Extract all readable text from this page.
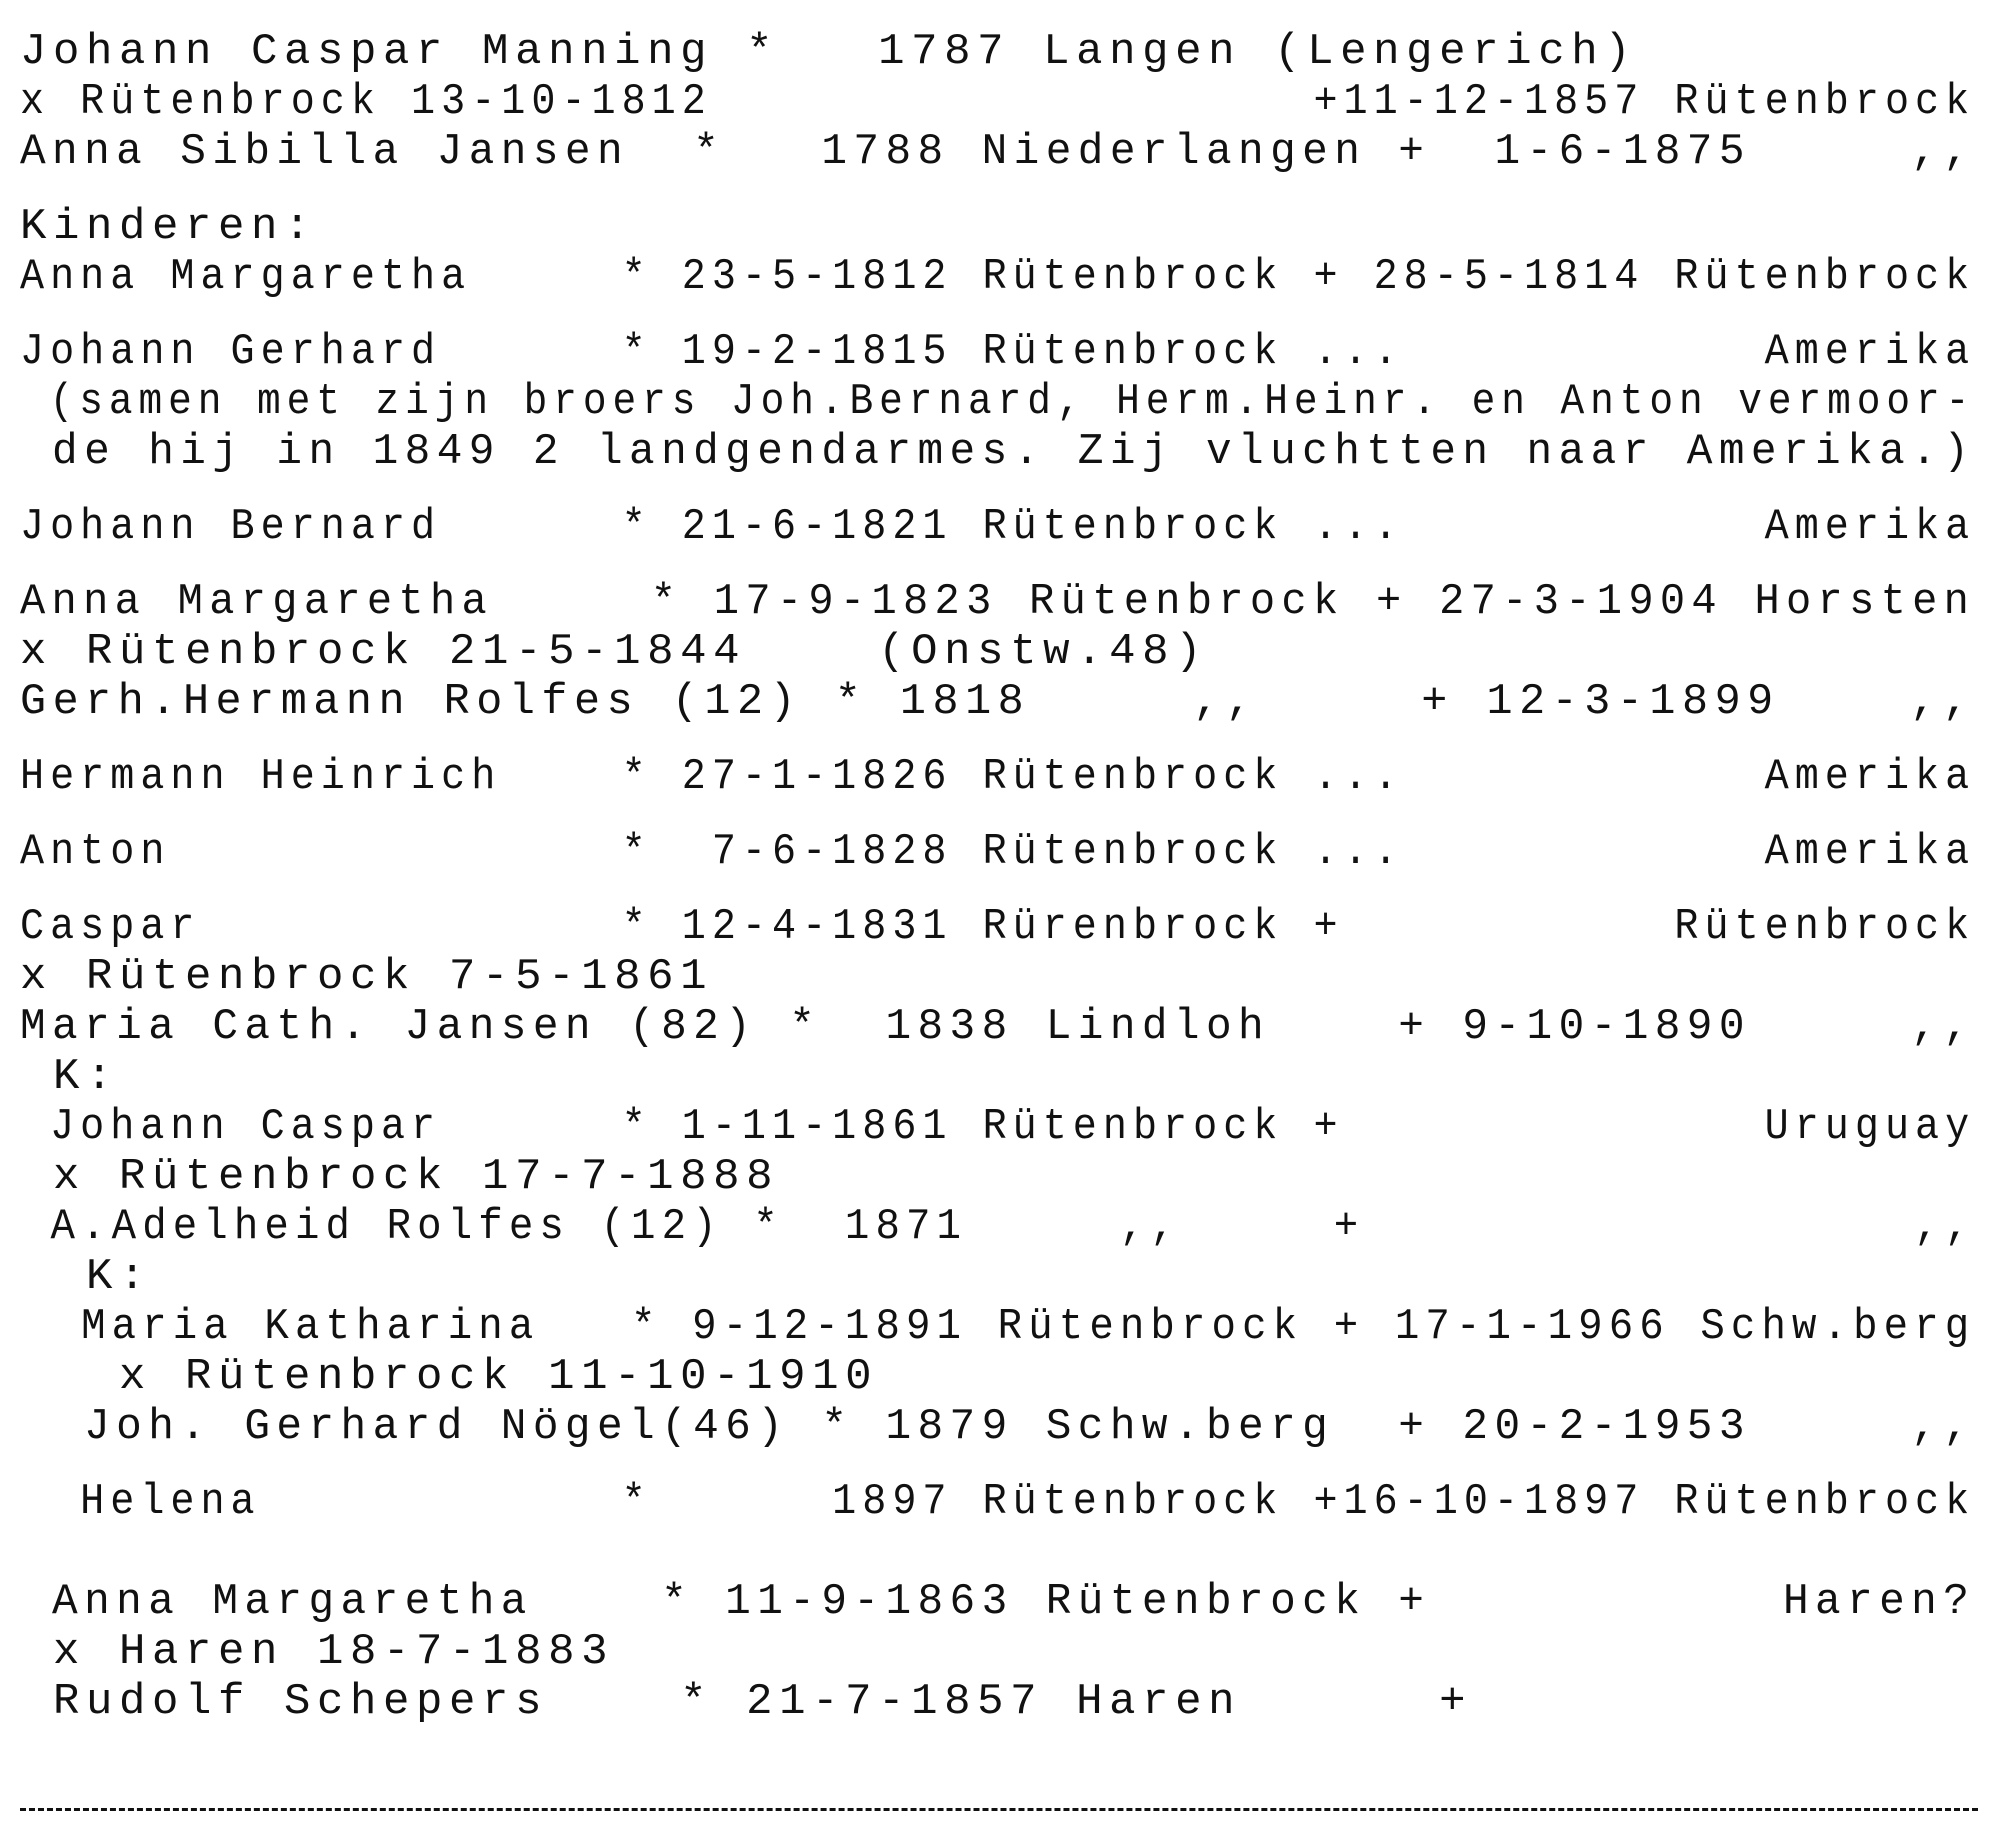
Johann Caspar Manning *   1787 Langen (Lengerich)
x Rütenbrock 13-10-1812                    +11-12-1857 Rütenbrock
Anna Sibilla Jansen  *   1788 Niederlangen +  1-6-1875     ,,
Kinderen:
Anna Margaretha     * 23-5-1812 Rütenbrock + 28-5-1814 Rütenbrock
Johann Gerhard      * 19-2-1815 Rütenbrock ...            Amerika
(samen met zijn broers Joh.Bernard, Herm.Heinr. en Anton vermoor-
de hij in 1849 2 landgendarmes. Zij vluchtten naar Amerika.)
Johann Bernard      * 21-6-1821 Rütenbrock ...            Amerika
Anna Margaretha     * 17-9-1823 Rütenbrock + 27-3-1904 Horsten
x Rütenbrock 21-5-1844    (Onstw.48)
Gerh.Hermann Rolfes (12) * 1818     ,,     + 12-3-1899    ,,
Hermann Heinrich    * 27-1-1826 Rütenbrock ...            Amerika
Anton               *  7-6-1828 Rütenbrock ...            Amerika
Caspar              * 12-4-1831 Rürenbrock +           Rütenbrock
x Rütenbrock 7-5-1861
Maria Cath. Jansen (82) *  1838 Lindloh    + 9-10-1890     ,,
K:
Johann Caspar      * 1-11-1861 Rütenbrock +              Uruguay
x Rütenbrock 17-7-1888
A.Adelheid Rolfes (12) *  1871     ,,     +                  ,,
K:
Maria Katharina   * 9-12-1891 Rütenbrock + 17-1-1966 Schw.berg
x Rütenbrock 11-10-1910
Joh. Gerhard Nögel(46) * 1879 Schw.berg  + 20-2-1953     ,,
Helena            *      1897 Rütenbrock +16-10-1897 Rütenbrock
Anna Margaretha    * 11-9-1863 Rütenbrock +           Haren?
x Haren 18-7-1883
Rudolf Schepers    * 21-7-1857 Haren      +
